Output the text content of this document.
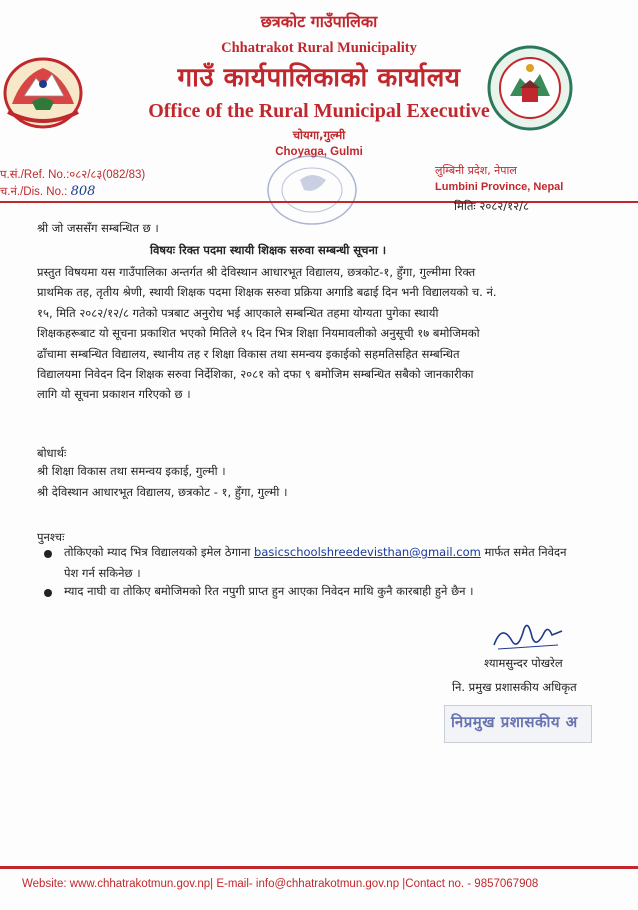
छत्रकोट गाउँपालिका
Chhatrakot Rural Municipality
गाउँ कार्यपालिकाको कार्यालय
Office of the Rural Municipal Executive
चोयगा,गुल्मी
Choyaga, Gulmi
प.सं./Ref. No.:०८२/८३(082/83)
च.नं./Dis. No.: 808
लुम्बिनी प्रदेश, नेपाल
Lumbini Province, Nepal
मितिः २०८२/१२/८
श्री जो जससँग सम्बन्धित छ ।
विषयः रिक्त पदमा स्थायी शिक्षक सरुवा सम्बन्धी सूचना ।
प्रस्तुत विषयमा यस गाउँपालिका अन्तर्गत श्री देविस्थान आधारभूत विद्यालय, छत्रकोट-१, हुँगा, गुल्मीमा रिक्त
प्राथमिक तह, तृतीय श्रेणी, स्थायी शिक्षक पदमा शिक्षक सरुवा प्रक्रिया अगाडि बढाई दिन भनी विद्यालयको च. नं.
१५, मिति २०८२/१२/८ गतेको पत्रबाट अनुरोध भई आएकाले सम्बन्धित तहमा योग्यता पुगेका स्थायी
शिक्षकहरूबाट यो सूचना प्रकाशित भएको मितिले १५ दिन भित्र शिक्षा नियमावलीको अनुसूची १७ बमोजिमको
ढाँचामा सम्बन्धित विद्यालय, स्थानीय तह र शिक्षा विकास तथा समन्वय इकाईको सहमतिसहित सम्बन्धित
विद्यालयमा निवेदन दिन शिक्षक सरुवा निर्देशिका, २०८१ को दफा ९ बमोजिम सम्बन्धित सबैको जानकारीका
लागि यो सूचना प्रकाशन गरिएको छ ।
बोधार्थः
श्री शिक्षा विकास तथा समन्वय इकाई, गुल्मी ।
श्री देविस्थान आधारभूत विद्यालय, छत्रकोट - १, हुँगा, गुल्मी ।
पुनश्चः
तोकिएको म्याद भित्र विद्यालयको इमेल ठेगाना basicschoolshreedevisthan@gmail.com मार्फत समेत निवेदन
पेश गर्न सकिनेछ ।
म्याद नाघी वा तोकिए बमोजिमको रित नपुगी प्राप्त हुन आएका निवेदन माथि कुनै कारबाही हुने छैन ।
श्यामसुन्दर पोखरेल
नि. प्रमुख प्रशासकीय अधिकृत
निप्रमुख प्रशासकीय अ
Website: www.chhatrakotmun.gov.np| E-mail- info@chhatrakotmun.gov.np |Contact no. - 9857067908
